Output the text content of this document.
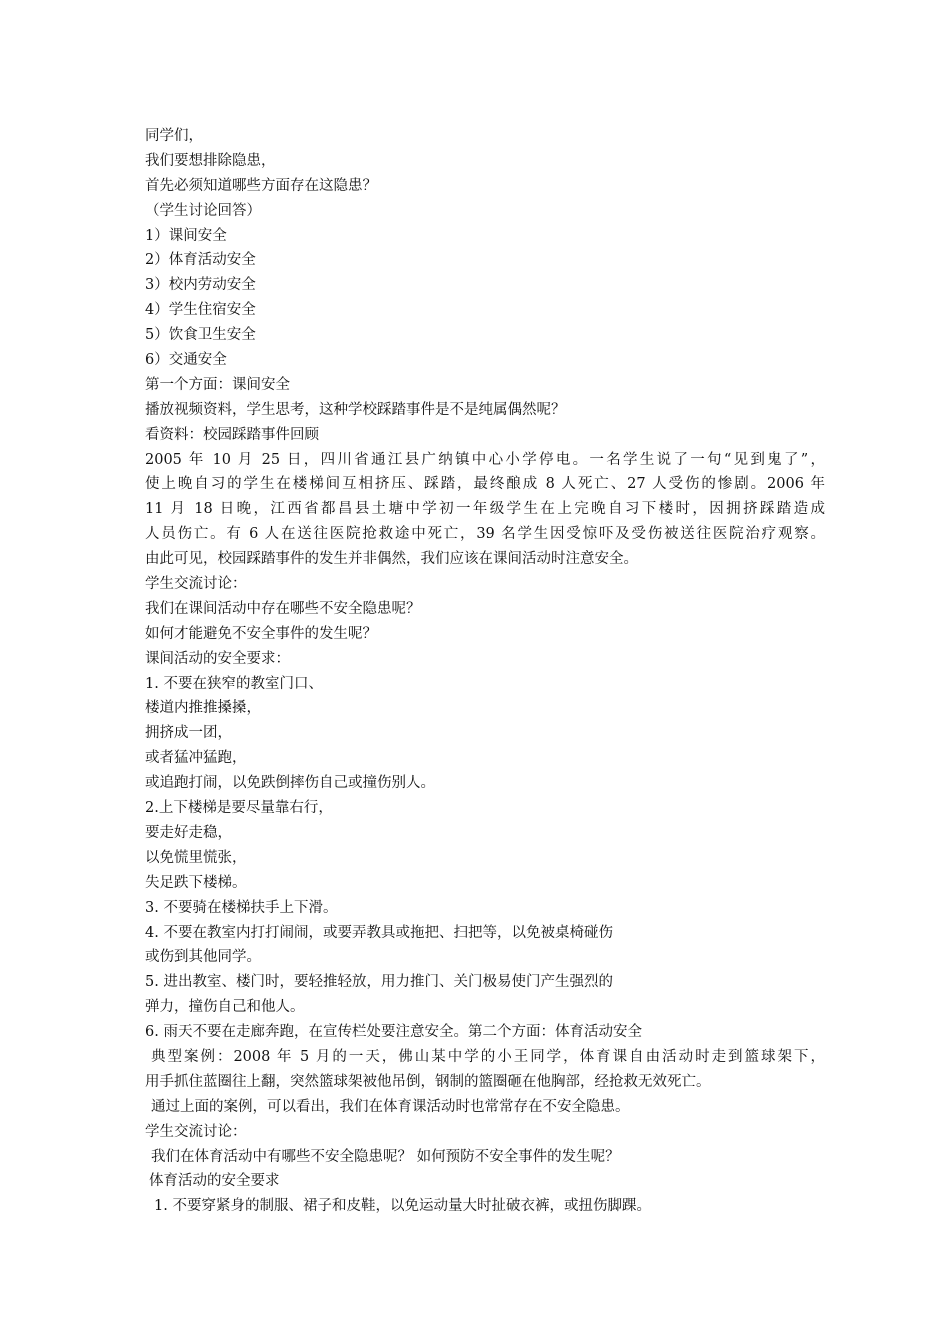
同学们，
我们要想排除隐患，
首先必须知道哪些方面存在这隐患？
（学生讨论回答）
1）课间安全
2）体育活动安全
3）校内劳动安全
4）学生住宿安全
5）饮食卫生安全
6）交通安全
第一个方面：课间安全
播放视频资料，学生思考，这种学校踩踏事件是不是纯属偶然呢？
看资料：校园踩踏事件回顾
2005 年 10 月 25 日，四川省通江县广纳镇中心小学停电。一名学生说了一句“见到鬼了”，
使上晚自习的学生在楼梯间互相挤压、踩踏，最终酿成 8 人死亡、27 人受伤的惨剧。2006 年
11 月 18 日晚，江西省都昌县土塘中学初一年级学生在上完晚自习下楼时，因拥挤踩踏造成
人员伤亡。有 6 人在送往医院抢救途中死亡，39 名学生因受惊吓及受伤被送往医院治疗观察。
由此可见，校园踩踏事件的发生并非偶然，我们应该在课间活动时注意安全。
学生交流讨论：
我们在课间活动中存在哪些不安全隐患呢？
如何才能避免不安全事件的发生呢？
课间活动的安全要求：
1. 不要在狭窄的教室门口、
楼道内推推搡搡，
拥挤成一团，
或者猛冲猛跑，
或追跑打闹，以免跌倒摔伤自己或撞伤别人。
2.上下楼梯是要尽量靠右行，
要走好走稳，
以免慌里慌张，
失足跌下楼梯。
3. 不要骑在楼梯扶手上下滑。
4. 不要在教室内打打闹闹，或要弄教具或拖把、扫把等，以免被桌椅碰伤
或伤到其他同学。
5. 进出教室、楼门时，要轻推轻放，用力推门、关门极易使门产生强烈的
弹力，撞伤自己和他人。
6. 雨天不要在走廊奔跑，在宣传栏处要注意安全。第二个方面：体育活动安全
典型案例：2008 年 5 月的一天，佛山某中学的小王同学，体育课自由活动时走到篮球架下，
用手抓住蓝圈往上翻，突然篮球架被他吊倒，钢制的篮圈砸在他胸部，经抢救无效死亡。
通过上面的案例，可以看出，我们在体育课活动时也常常存在不安全隐患。
学生交流讨论：
我们在体育活动中有哪些不安全隐患呢？ 如何预防不安全事件的发生呢？
体育活动的安全要求
1. 不要穿紧身的制服、裙子和皮鞋，以免运动量大时扯破衣裤，或扭伤脚踝。
